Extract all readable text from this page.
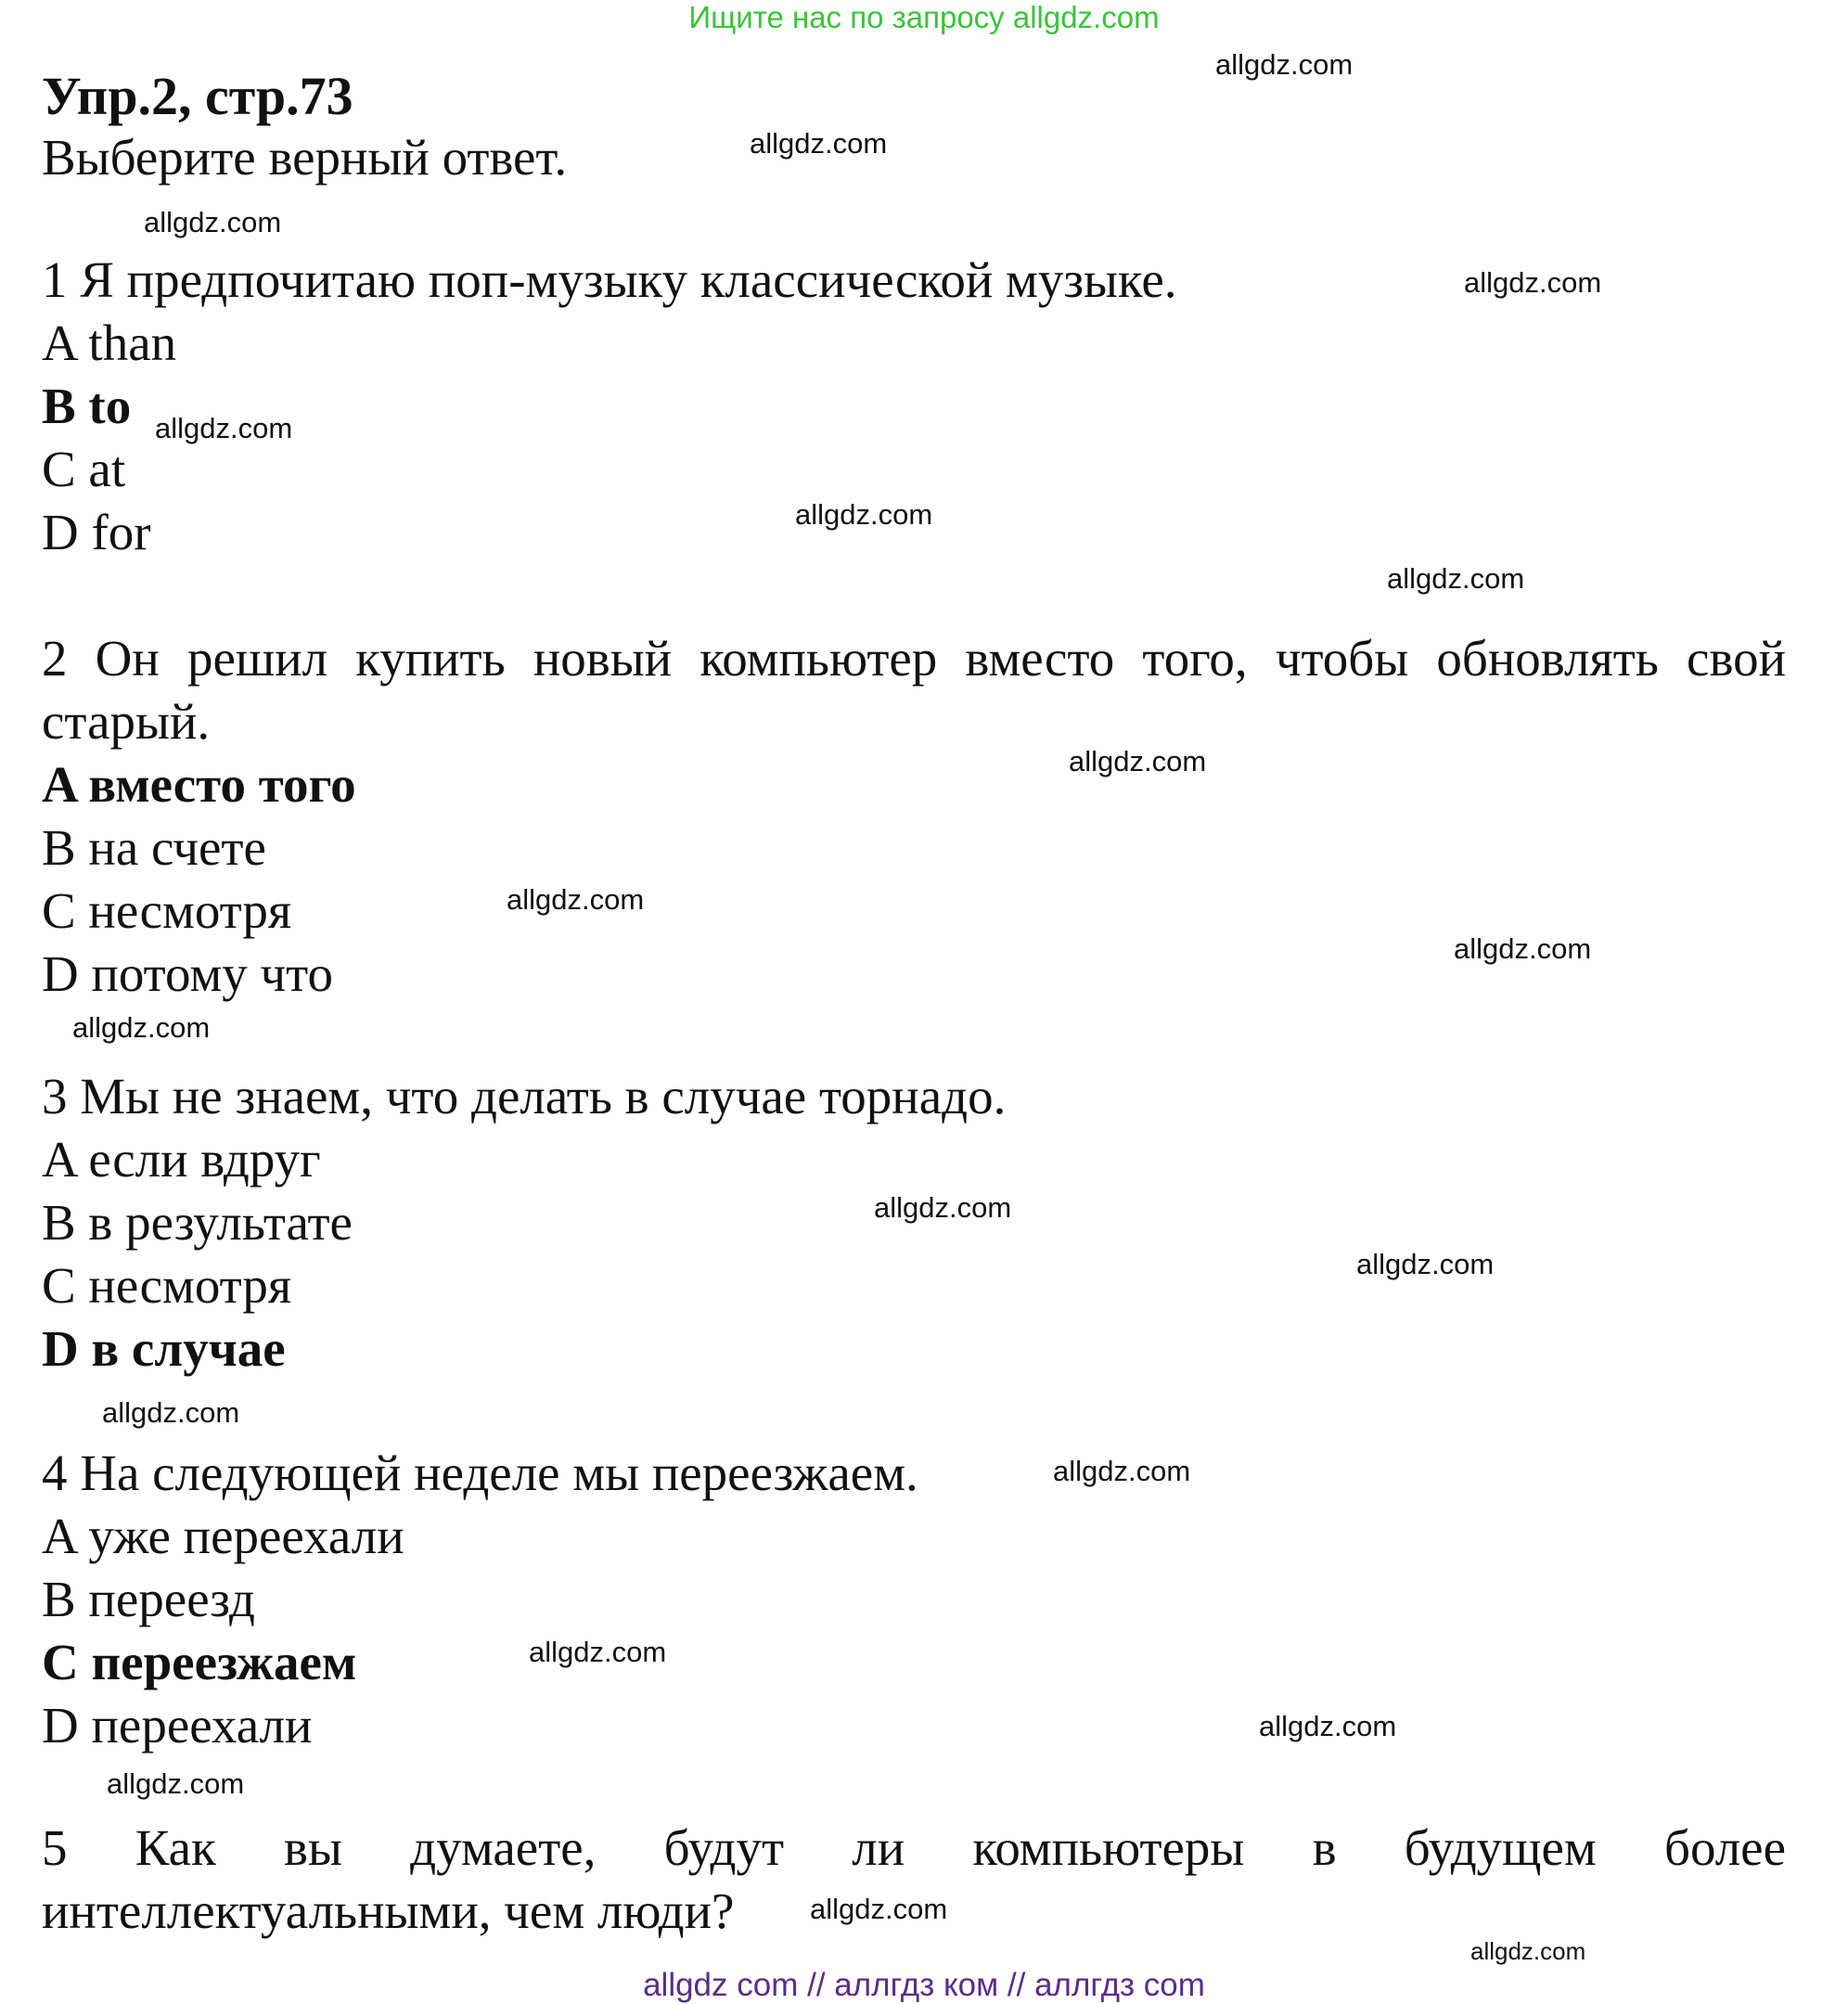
Ищите нас по запросу allgdz.com
Упр.2, стр.73
Выберите верный ответ.
1 Я предпочитаю поп-музыку классической музыке.
A than
B to
C at
D for
2 Он решил купить новый компьютер вместо того, чтобы обновлять свой
старый.
A вместо того
B на счете
C несмотря
D потому что
3 Мы не знаем, что делать в случае торнадо.
A если вдруг
B в результате
C несмотря
D в случае
4 На следующей неделе мы переезжаем.
A уже переехали
B переезд
C переезжаем
D переехали
5 Как вы думаете, будут ли компьютеры в будущем более
интеллектуальными, чем люди?
allgdz.com
allgdz.com
allgdz.com
allgdz.com
allgdz.com
allgdz.com
allgdz.com
allgdz.com
allgdz.com
allgdz.com
allgdz.com
allgdz.com
allgdz.com
allgdz.com
allgdz.com
allgdz.com
allgdz.com
allgdz.com
allgdz.com
allgdz.com
allgdz com // аллгдз ком // аллгдз com
